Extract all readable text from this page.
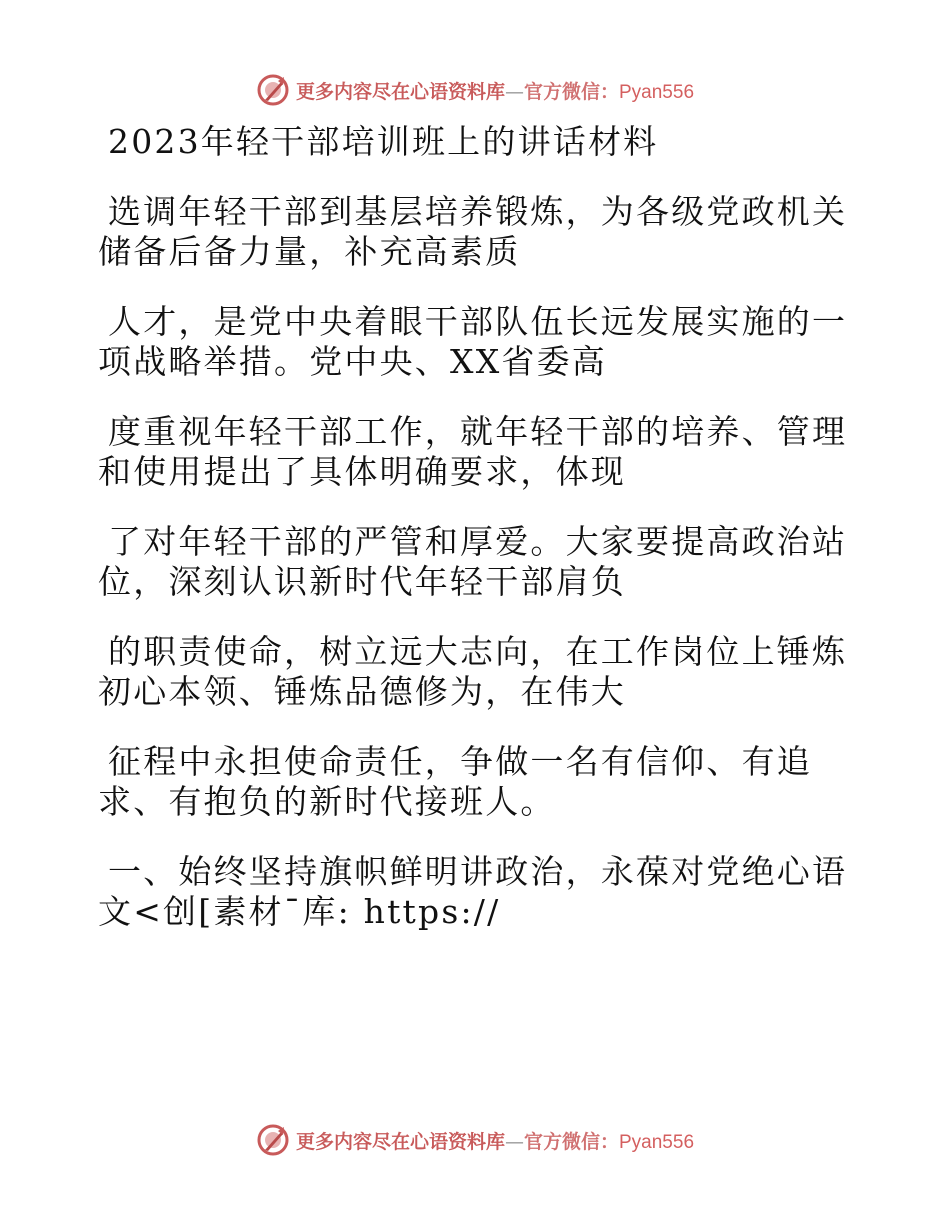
更多内容尽在心语资料库—官方微信：Pyan556

2023年轻干部培训班上的讲话材料

选调年轻干部到基层培养锻炼，为各级党政机关

储备后备力量，补充高素质

人才，是党中央着眼干部队伍长远发展实施的一

项战略举措。党中央、XX省委高

度重视年轻干部工作，就年轻干部的培养、管理

和使用提出了具体明确要求，体现

了对年轻干部的严管和厚爱。大家要提高政治站

位，深刻认识新时代年轻干部肩负

的职责使命，树立远大志向，在工作岗位上锤炼

初心本领、锤炼品德修为，在伟大

征程中永担使命责任，争做一名有信仰、有追

求、有抱负的新时代接班人。

一、始终坚持旗帜鲜明讲政治，永葆对党绝心语

文<创[素材¯库: https://

更多内容尽在心语资料库—官方微信：Pyan556
